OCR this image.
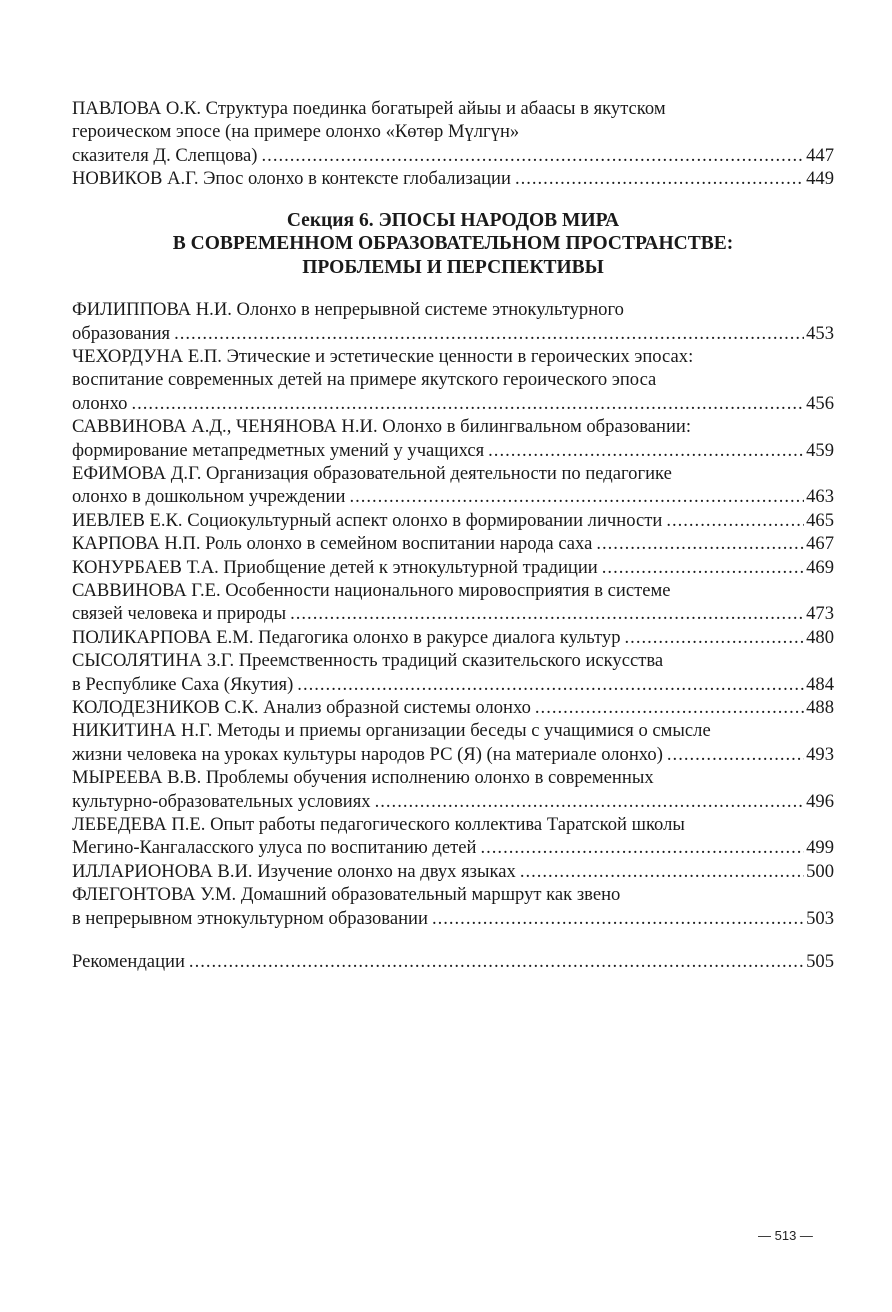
ПАВЛОВА О.К. Структура поединка богатырей айыы и абаасы в якутском
героическом эпосе (на примере олонхо «Көтөр Мүлгүн»
сказителя Д. Слепцова) .....	447
НОВИКОВ А.Г. Эпос олонхо в контексте глобализации .....	449
Секция 6. ЭПОСЫ НАРОДОВ МИРА
В СОВРЕМЕННОМ ОБРАЗОВАТЕЛЬНОМ ПРОСТРАНСТВЕ:
ПРОБЛЕМЫ И ПЕРСПЕКТИВЫ
ФИЛИППОВА Н.И. Олонхо в непрерывной системе этнокультурного
образования .....	453
ЧЕХОРДУНА Е.П. Этические и эстетические ценности в героических эпосах:
воспитание современных детей на примере якутского героического эпоса
олонхо .....	456
САВВИНОВА А.Д., ЧЕНЯНОВА Н.И. Олонхо в билингвальном образовании:
формирование метапредметных умений у учащихся .....	459
ЕФИМОВА Д.Г. Организация образовательной деятельности по педагогике
олонхо в дошкольном учреждении .....	463
ИЕВЛЕВ Е.К. Социокультурный аспект олонхо в формировании личности .....	465
КАРПОВА Н.П. Роль олонхо в семейном воспитании народа саха .....	467
КОНУРБАЕВ Т.А. Приобщение детей к этнокультурной традиции .....	469
САВВИНОВА Г.Е. Особенности национального мировосприятия в системе
связей человека и природы .....	473
ПОЛИКАРПОВА Е.М. Педагогика олонхо в ракурсе диалога культур .....	480
СЫСОЛЯТИНА З.Г. Преемственность традиций сказительского искусства
в Республике Саха (Якутия) .....	484
КОЛОДЕЗНИКОВ С.К. Анализ образной системы олонхо .....	488
НИКИТИНА Н.Г. Методы и приемы организации беседы с учащимися о смысле
жизни человека на уроках культуры народов РС (Я) (на материале олонхо) .....	493
МЫРЕЕВА В.В. Проблемы обучения исполнению олонхо в современных
культурно-образовательных условиях .....	496
ЛЕБЕДЕВА П.Е. Опыт работы педагогического коллектива Таратской школы
Мегино-Кангаласского улуса по воспитанию детей .....	499
ИЛЛАРИОНОВА В.И. Изучение олонхо на двух языках .....	500
ФЛЕГОНТОВА У.М. Домашний образовательный маршрут как звено
в непрерывном этнокультурном образовании .....	503
Рекомендации .....	505
— 513 —
